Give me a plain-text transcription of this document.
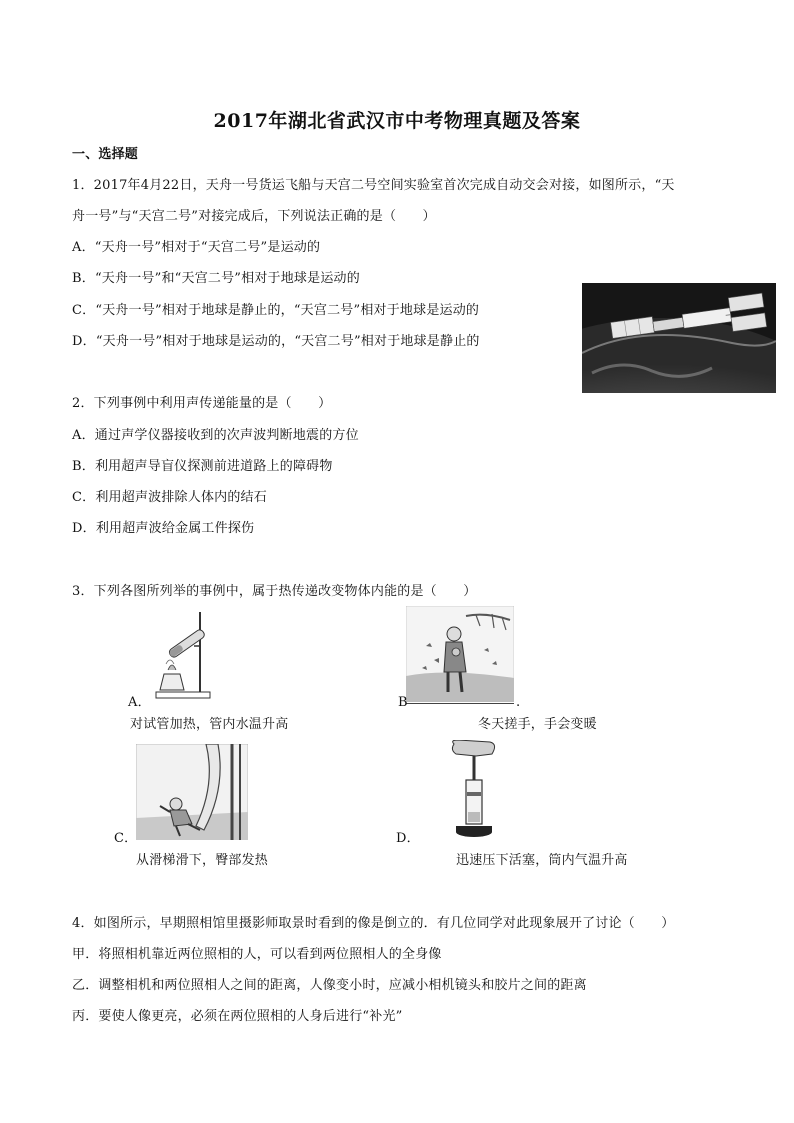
2017年湖北省武汉市中考物理真题及答案
一、选择题
1．2017年4月22日，天舟一号货运飞船与天宫二号空间实验室首次完成自动交会对接，如图所示，“天
舟一号”与“天宫二号”对接完成后，下列说法正确的是（　　）
A．“天舟一号”相对于“天宫二号”是运动的
B．“天舟一号”和“天宫二号”相对于地球是运动的
C．“天舟一号”相对于地球是静止的，“天宫二号”相对于地球是运动的
D．“天舟一号”相对于地球是运动的，“天宫二号”相对于地球是静止的
2．下列事例中利用声传递能量的是（　　）
A．通过声学仪器接收到的次声波判断地震的方位
B．利用超声导盲仪探测前进道路上的障碍物
C．利用超声波排除人体内的结石
D．利用超声波给金属工件探伤
3．下列各图所列举的事例中，属于热传递改变物体内能的是（　　）
A．
对试管加热，管内水温升高
B	.
冬天搓手，手会变暖
C．
从滑梯滑下，臀部发热
D．
迅速压下活塞，筒内气温升高
4．如图所示，早期照相馆里摄影师取景时看到的像是倒立的．有几位同学对此现象展开了讨论（　　）
甲．将照相机靠近两位照相的人，可以看到两位照相人的全身像
乙．调整相机和两位照相人之间的距离，人像变小时，应减小相机镜头和胶片之间的距离
丙．要使人像更亮，必须在两位照相的人身后进行“补光”
